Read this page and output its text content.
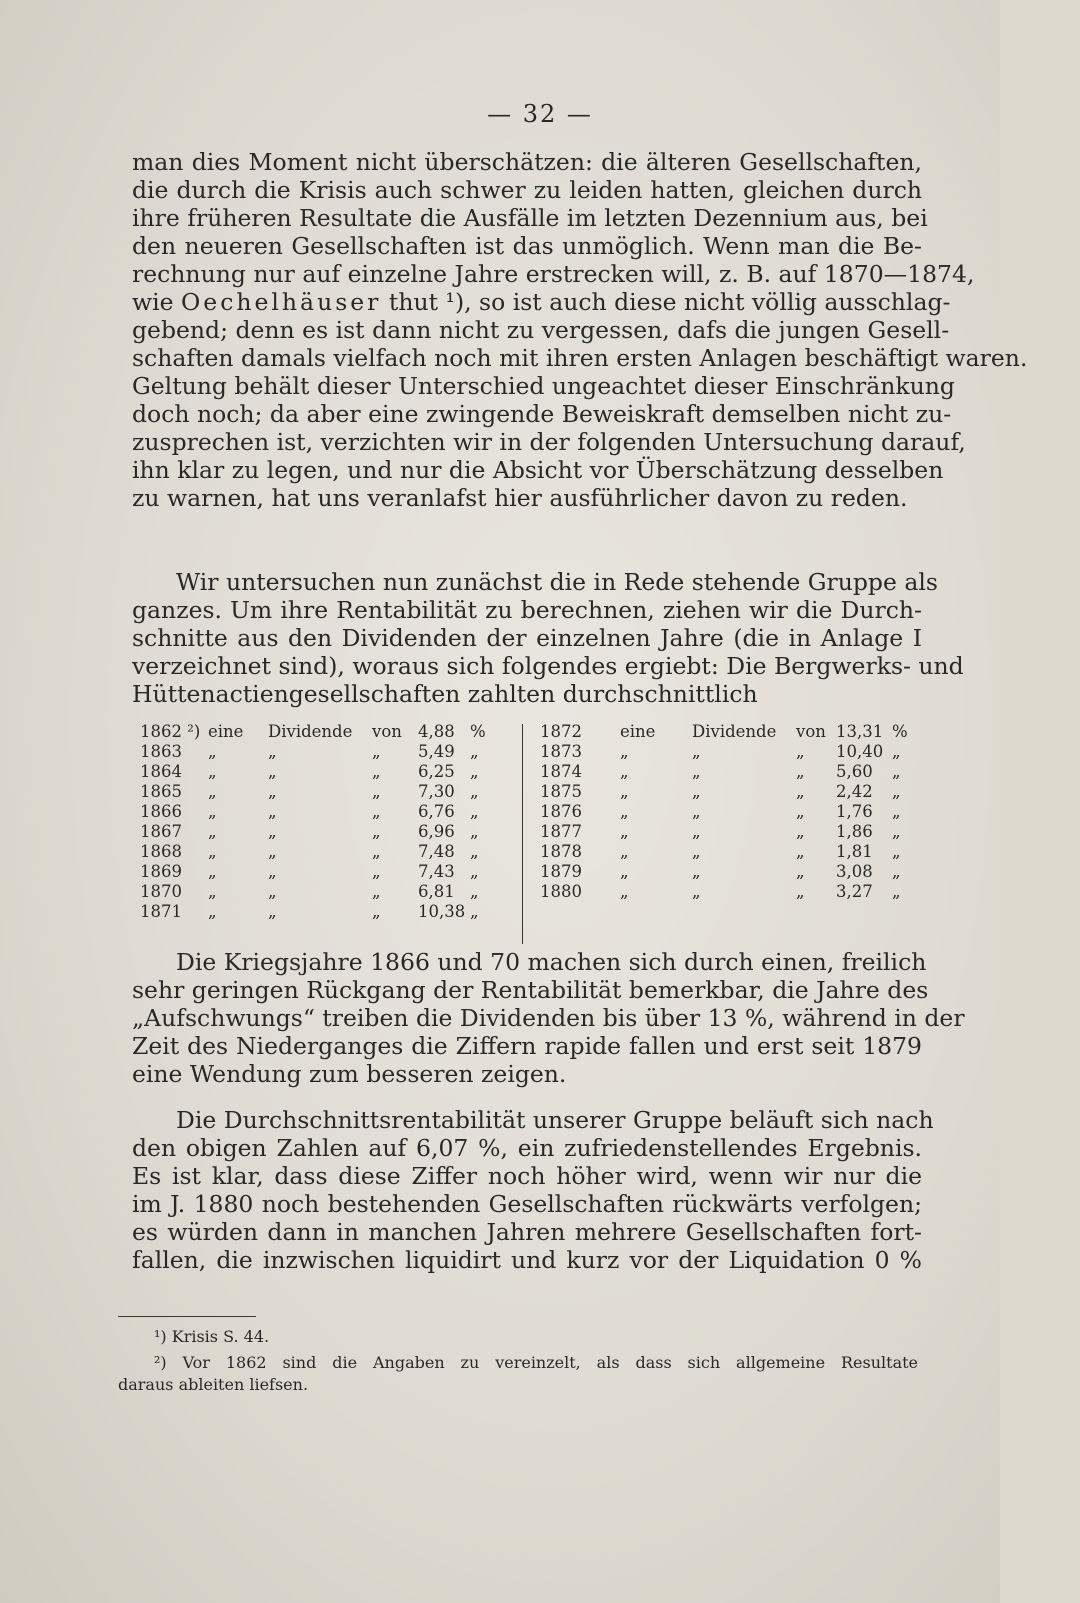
— 32 —
man dies Moment nicht überschätzen: die älteren Gesellschaften,
die durch die Krisis auch schwer zu leiden hatten, gleichen durch
ihre früheren Resultate die Ausfälle im letzten Dezennium aus, bei
den neueren Gesellschaften ist das unmöglich. Wenn man die Be-
rechnung nur auf einzelne Jahre erstrecken will, z. B. auf 1870—1874,
wie Oechelhäuser thut ¹), so ist auch diese nicht völlig ausschlag-
gebend; denn es ist dann nicht zu vergessen, dafs die jungen Gesell-
schaften damals vielfach noch mit ihren ersten Anlagen beschäftigt waren.
Geltung behält dieser Unterschied ungeachtet dieser Einschränkung
doch noch; da aber eine zwingende Beweiskraft demselben nicht zu-
zusprechen ist, verzichten wir in der folgenden Untersuchung darauf,
ihn klar zu legen, und nur die Absicht vor Überschätzung desselben
zu warnen, hat uns veranlafst hier ausführlicher davon zu reden.
Wir untersuchen nun zunächst die in Rede stehende Gruppe als
ganzes. Um ihre Rentabilität zu berechnen, ziehen wir die Durch-
schnitte aus den Dividenden der einzelnen Jahre (die in Anlage I
verzeichnet sind), woraus sich folgendes ergiebt: Die Bergwerks- und
Hüttenactiengesellschaften zahlten durchschnittlich
1862 ²) eine Dividende von 4,88 %
1863 „	„	„ 5,49 „
1864 „	„	„ 6,25 „
1865 „	„	„ 7,30 „
1866 „	„	„ 6,76 „
1867 „	„	„ 6,96 „
1868 „	„	„ 7,48 „
1869 „	„	„ 7,43 „
1870 „	„	„ 6,81 „
1871 „	„	„ 10,38 „
1872 eine Dividende von 13,31 %
1873 „	„	„ 10,40 „
1874 „	„	„ 5,60 „
1875 „	„	„ 2,42 „
1876 „	„	„ 1,76 „
1877 „	„	„ 1,86 „
1878 „	„	„ 1,81 „
1879 „	„	„ 3,08 „
1880 „	„	„ 3,27 „
Die Kriegsjahre 1866 und 70 machen sich durch einen, freilich
sehr geringen Rückgang der Rentabilität bemerkbar, die Jahre des
„Aufschwungs“ treiben die Dividenden bis über 13 %, während in der
Zeit des Niederganges die Ziffern rapide fallen und erst seit 1879
eine Wendung zum besseren zeigen.
Die Durchschnittsrentabilität unserer Gruppe beläuft sich nach
den obigen Zahlen auf 6,07 %, ein zufriedenstellendes Ergebnis.
Es ist klar, dass diese Ziffer noch höher wird, wenn wir nur die
im J. 1880 noch bestehenden Gesellschaften rückwärts verfolgen;
es würden dann in manchen Jahren mehrere Gesellschaften fort-
fallen, die inzwischen liquidirt und kurz vor der Liquidation 0 %
¹) Krisis S. 44.
²) Vor 1862 sind die Angaben zu vereinzelt, als dass sich allgemeine Resultate
daraus ableiten liefsen.
